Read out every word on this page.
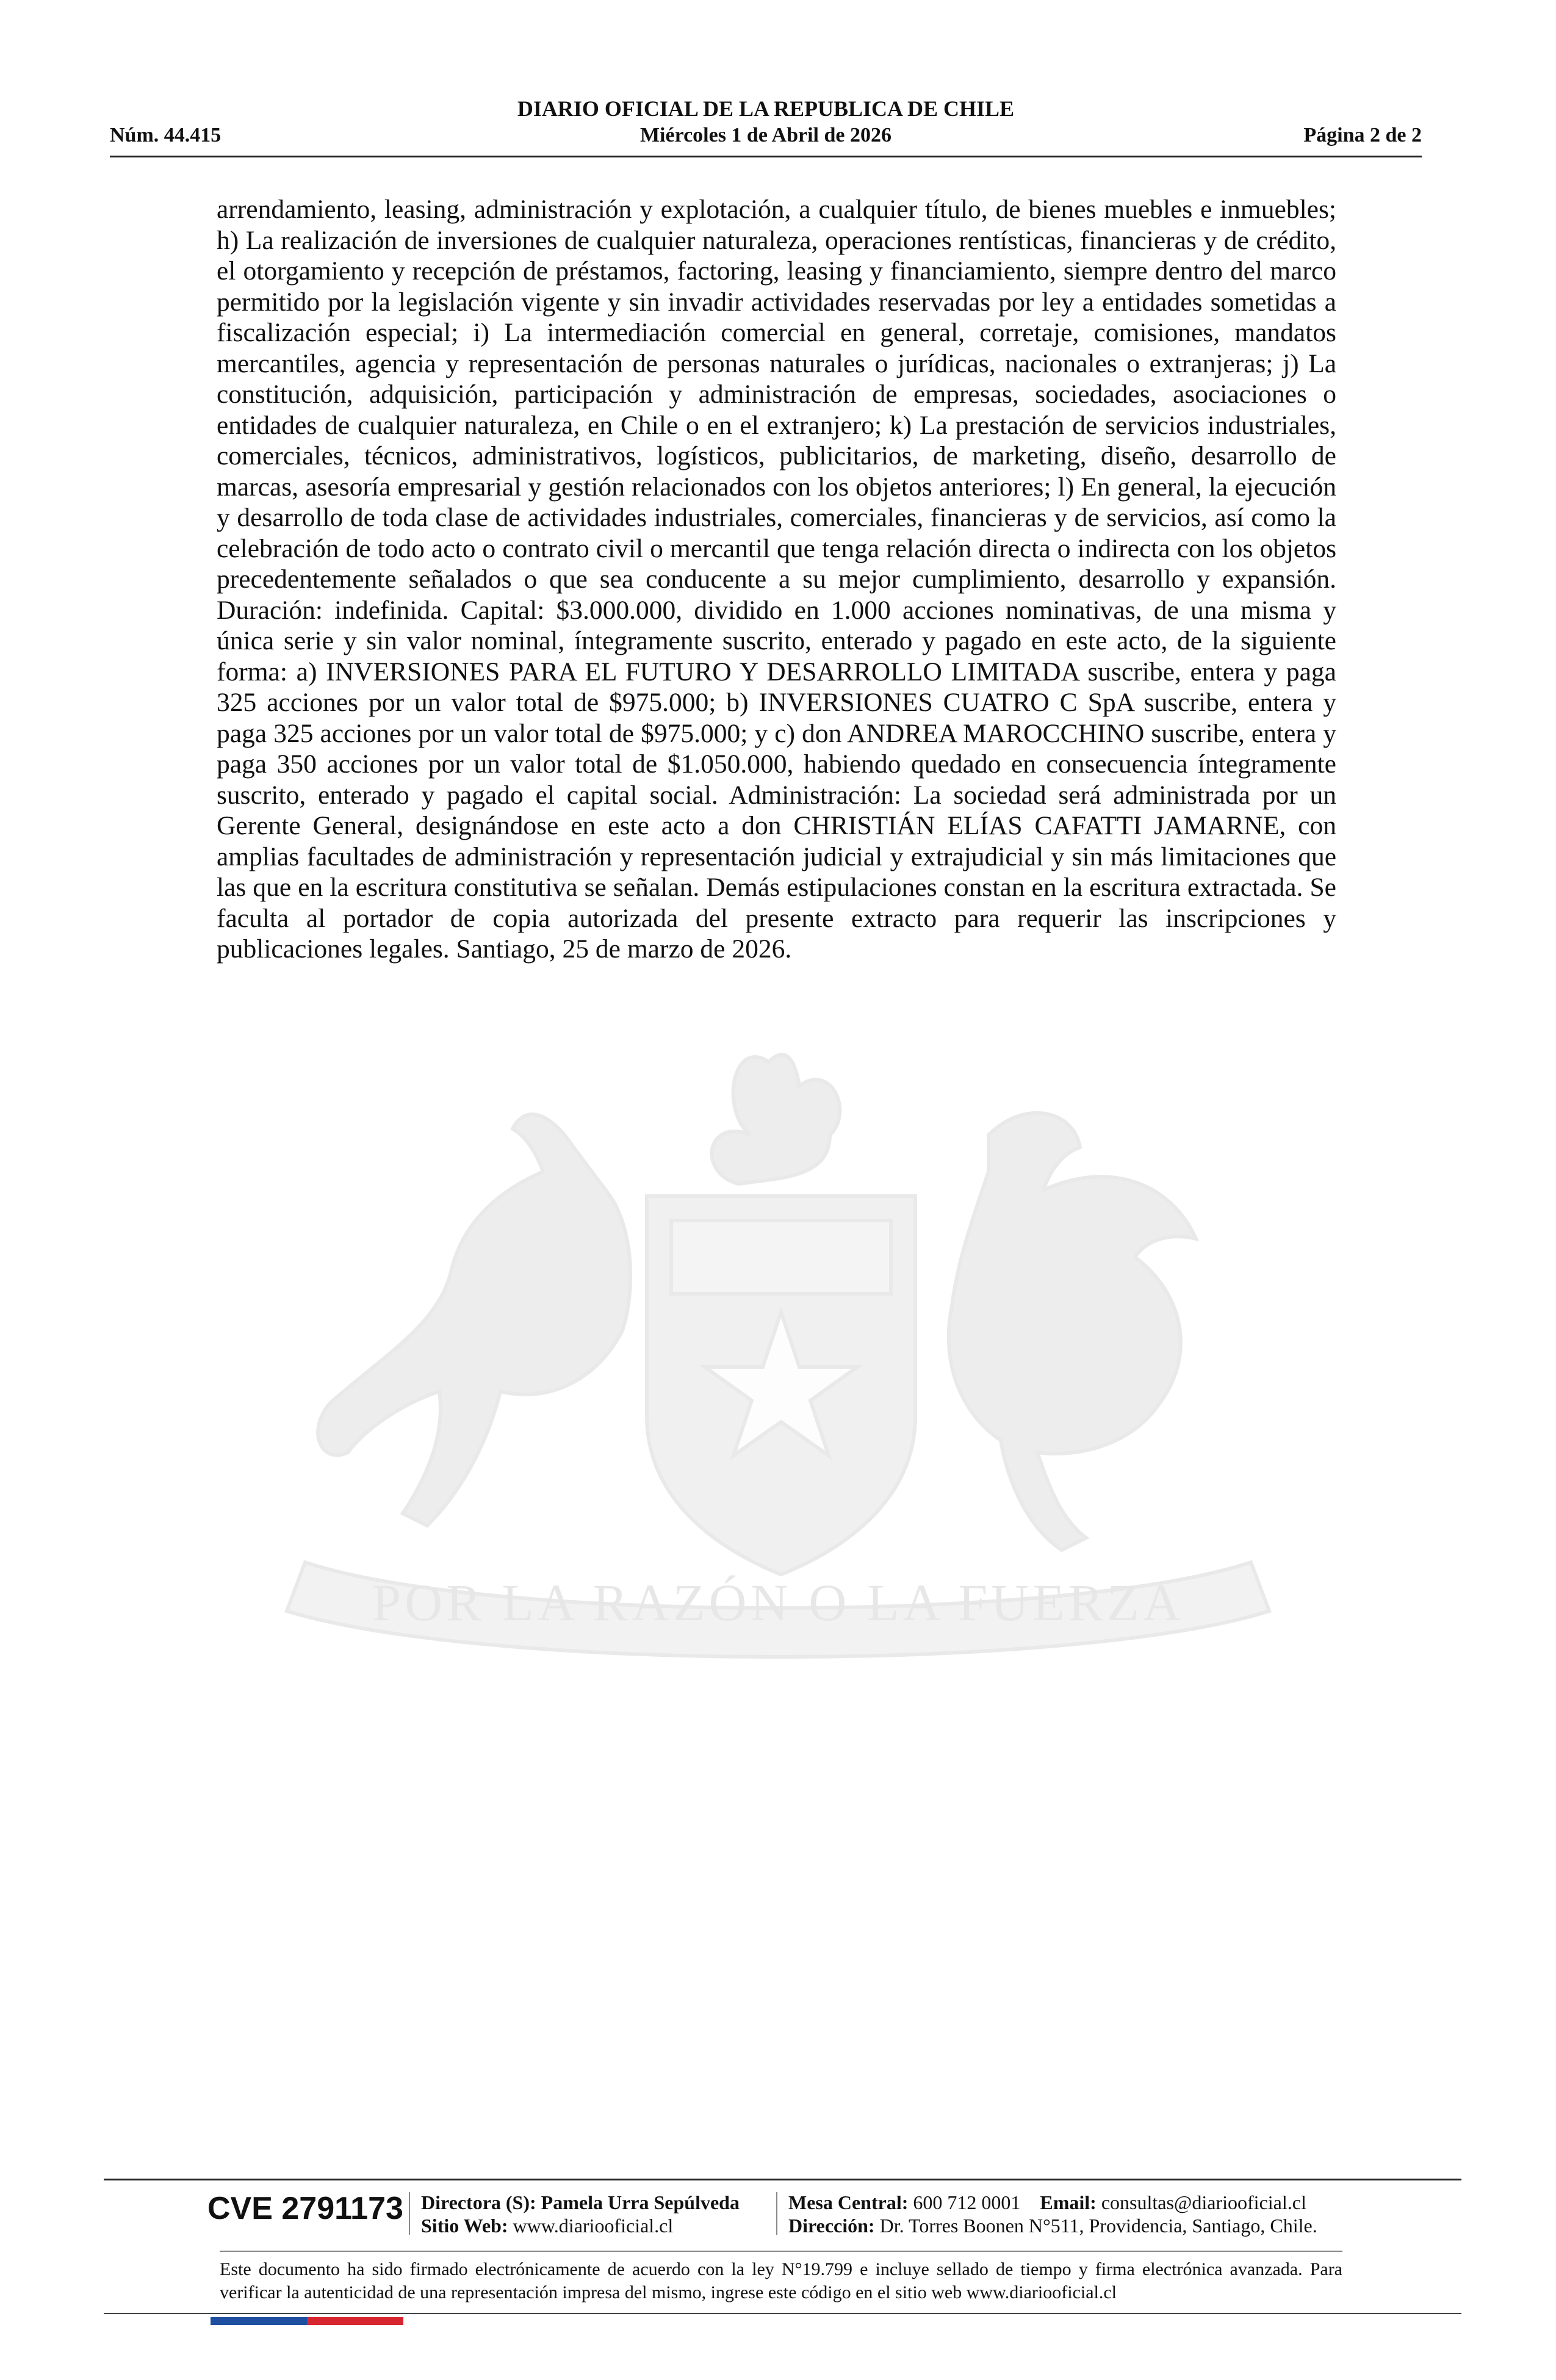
DIARIO OFICIAL DE LA REPUBLICA DE CHILE
Núm. 44.415	Miércoles 1 de Abril de 2026	Página 2 de 2
POR LA RAZÓN O LA FUERZA

arrendamiento, leasing, administración y explotación, a cualquier título, de bienes muebles e inmuebles; h) La realización de inversiones de cualquier naturaleza, operaciones rentísticas, financieras y de crédito, el otorgamiento y recepción de préstamos, factoring, leasing y financiamiento, siempre dentro del marco permitido por la legislación vigente y sin invadir actividades reservadas por ley a entidades sometidas a fiscalización especial; i) La intermediación comercial en general, corretaje, comisiones, mandatos mercantiles, agencia y representación de personas naturales o jurídicas, nacionales o extranjeras; j) La constitución, adquisición, participación y administración de empresas, sociedades, asociaciones o entidades de cualquier naturaleza, en Chile o en el extranjero; k) La prestación de servicios industriales, comerciales, técnicos, administrativos, logísticos, publicitarios, de marketing, diseño, desarrollo de marcas, asesoría empresarial y gestión relacionados con los objetos anteriores; l) En general, la ejecución y desarrollo de toda clase de actividades industriales, comerciales, financieras y de servicios, así como la celebración de todo acto o contrato civil o mercantil que tenga relación directa o indirecta con los objetos precedentemente señalados o que sea conducente a su mejor cumplimiento, desarrollo y expansión. Duración: indefinida. Capital: $3.000.000, dividido en 1.000 acciones nominativas, de una misma y única serie y sin valor nominal, íntegramente suscrito, enterado y pagado en este acto, de la siguiente forma: a) INVERSIONES PARA EL FUTURO Y DESARROLLO LIMITADA suscribe, entera y paga 325 acciones por un valor total de $975.000; b) INVERSIONES CUATRO C SpA suscribe, entera y paga 325 acciones por un valor total de $975.000; y c) don ANDREA MAROCCHINO suscribe, entera y paga 350 acciones por un valor total de $1.050.000, habiendo quedado en consecuencia íntegramente suscrito, enterado y pagado el capital social. Administración: La sociedad será administrada por un Gerente General, designándose en este acto a don CHRISTIÁN ELÍAS CAFATTI JAMARNE, con amplias facultades de administración y representación judicial y extrajudicial y sin más limitaciones que las que en la escritura constitutiva se señalan. Demás estipulaciones constan en la escritura extractada. Se faculta al portador de copia autorizada del presente extracto para requerir las inscripciones y publicaciones legales. Santiago, 25 de marzo de 2026.

CVE 2791173 Directora (S): Pamela Urra Sepúlveda
Sitio Web: www.diariooficial.cl
Mesa Central: 600 712 0001 Email: consultas@diariooficial.cl
Dirección: Dr. Torres Boonen N°511, Providencia, Santiago, Chile.

Este documento ha sido firmado electrónicamente de acuerdo con la ley N°19.799 e incluye sellado de tiempo y firma electrónica avanzada. Para verificar la autenticidad de una representación impresa del mismo, ingrese este código en el sitio web www.diariooficial.cl
